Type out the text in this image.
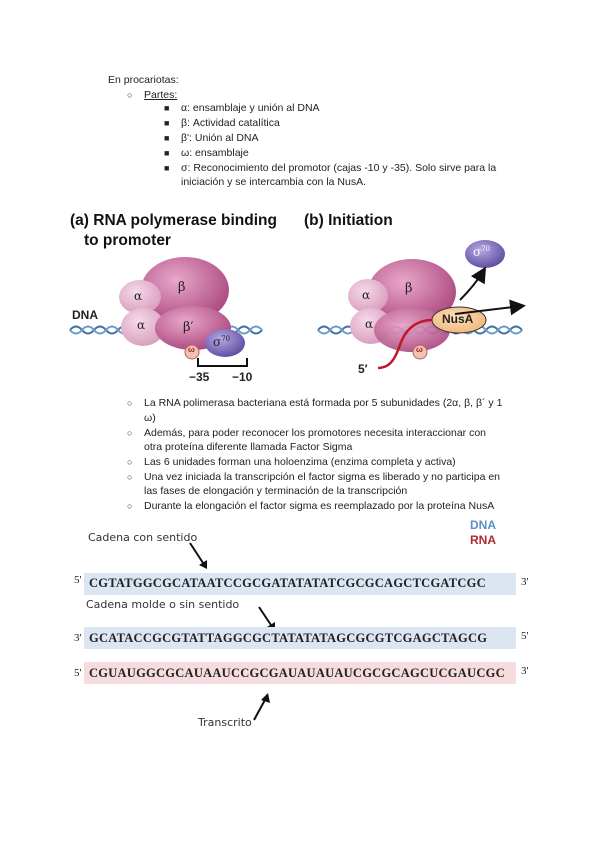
En procariotas:
○ Partes:
■ α: ensamblaje y unión al DNA
■ β: Actividad catalítica
■ β': Unión al DNA
■ ω: ensamblaje
■ σ: Reconocimiento del promotor (cajas -10 y -35). Solo sirve para la
iniciación y se intercambia con la NusA.
(a) RNA polymerase binding
to promoter
(b) Initiation
DNA
α
α
β
β′
ω
$\sigma^{70}$
−35 −10
α
α
β
NusA
ω
$\sigma^{70}$
5′
○ La RNA polimerasa bacteriana está formada por 5 subunidades (2α, β, β´ y 1
ω)
○ Además, para poder reconocer los promotores necesita interaccionar con
otra proteína diferente llamada Factor Sigma
○ Las 6 unidades forman una holoenzima (enzima completa y activa)
○ Una vez iniciada la transcripción el factor sigma es liberado y no participa en
las fases de elongación y terminación de la transcripción
○ Durante la elongación el factor sigma es reemplazado por la proteína NusA
DNA
RNA
Cadena con sentido
5' CGTATGGCGCATAATCCGCGATATATATCGCGCAGCTCGATCGC	3'
Cadena molde o sin sentido
3' GCATACCGCGTATTAGGCGCTATATATAGCGCGTCGAGCTAGCG	5'
5' CGUAUGGCGCAUAAUCCGCGAUAUAUAUCGCGCAGCUCGAUCGC 3'
Transcrito
